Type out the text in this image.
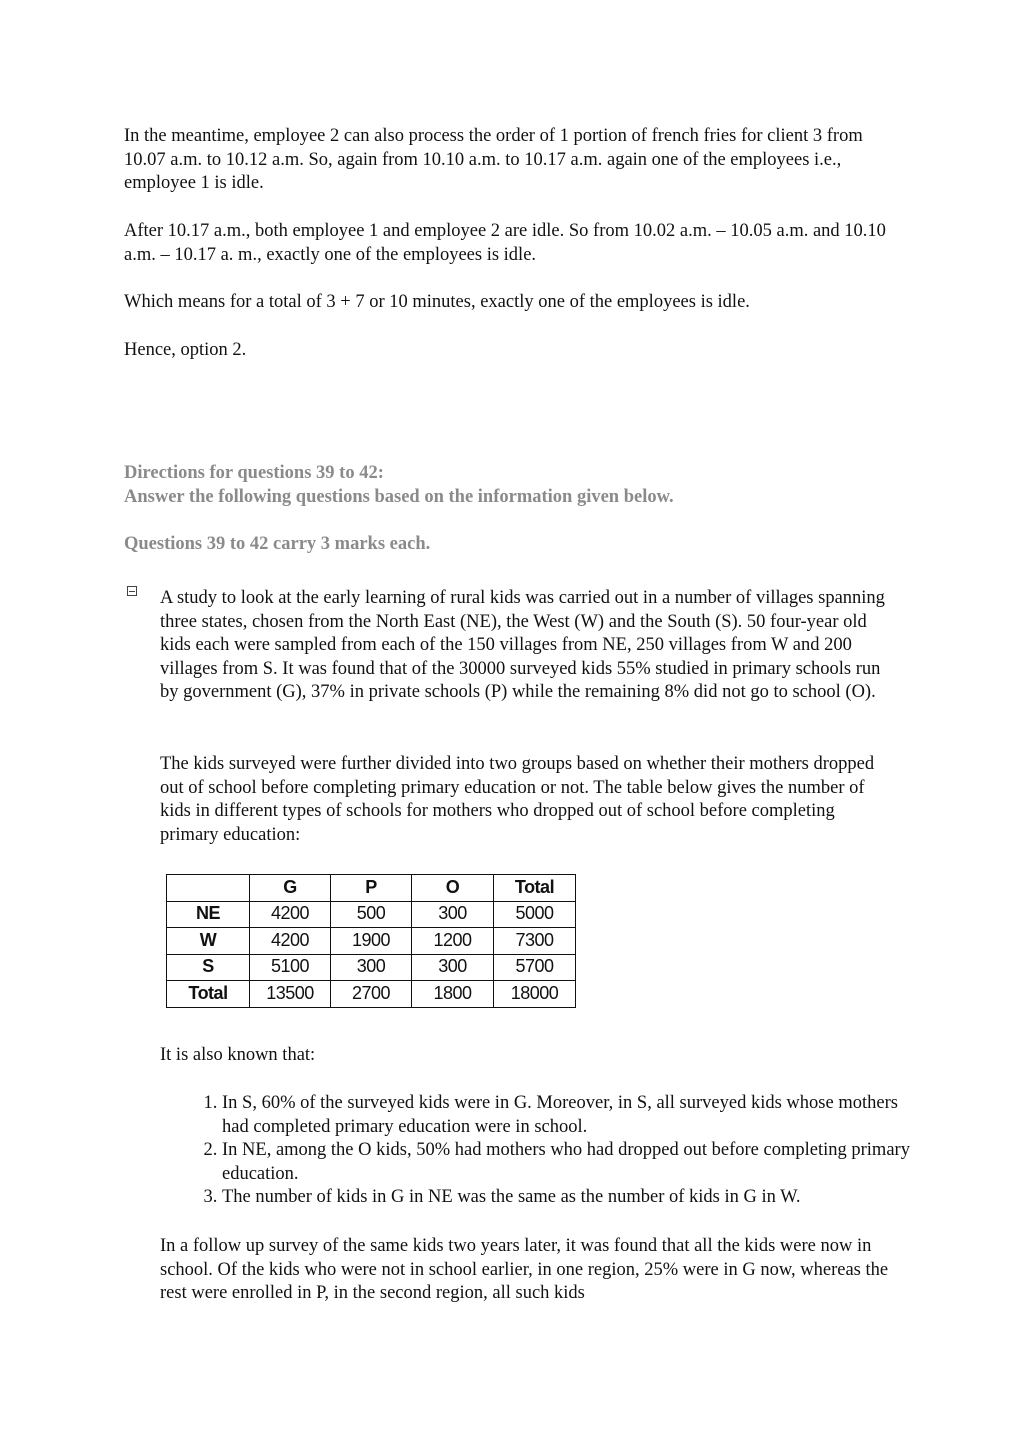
In the meantime, employee 2 can also process the order of 1 portion of french fries for client 3 from 10.07 a.m. to 10.12 a.m. So, again from 10.10 a.m. to 10.17 a.m. again one of the employees i.e., employee 1 is idle.

After 10.17 a.m., both employee 1 and employee 2 are idle. So from 10.02 a.m. – 10.05 a.m. and 10.10 a.m. – 10.17 a. m., exactly one of the employees is idle.

Which means for a total of 3 + 7 or 10 minutes, exactly one of the employees is idle.

Hence, option 2.

Directions for questions 39 to 42:

Answer the following questions based on the information given below.

Questions 39 to 42 carry 3 marks each.

A study to look at the early learning of rural kids was carried out in a number of villages spanning three states, chosen from the North East (NE), the West (W) and the South (S). 50 four-year old kids each were sampled from each of the 150 villages from NE, 250 villages from W and 200 villages from S. It was found that of the 30000 surveyed kids 55% studied in primary schools run by government (G), 37% in private schools (P) while the remaining 8% did not go to school (O).

The kids surveyed were further divided into two groups based on whether their mothers dropped out of school before completing primary education or not. The table below gives the number of kids in different types of schools for mothers who dropped out of school before completing primary education:

	G	P	O	Total
NE	4200	500	300	5000
W	4200	1900	1200	7300
S	5100	300	300	5700
Total	13500	2700	1800	18000

It is also known that:

1. In S, 60% of the surveyed kids were in G. Moreover, in S, all surveyed kids whose mothers had completed primary education were in school.
2. In NE, among the O kids, 50% had mothers who had dropped out before completing primary education.
3. The number of kids in G in NE was the same as the number of kids in G in W.

In a follow up survey of the same kids two years later, it was found that all the kids were now in school. Of the kids who were not in school earlier, in one region, 25% were in G now, whereas the rest were enrolled in P, in the second region, all such kids
